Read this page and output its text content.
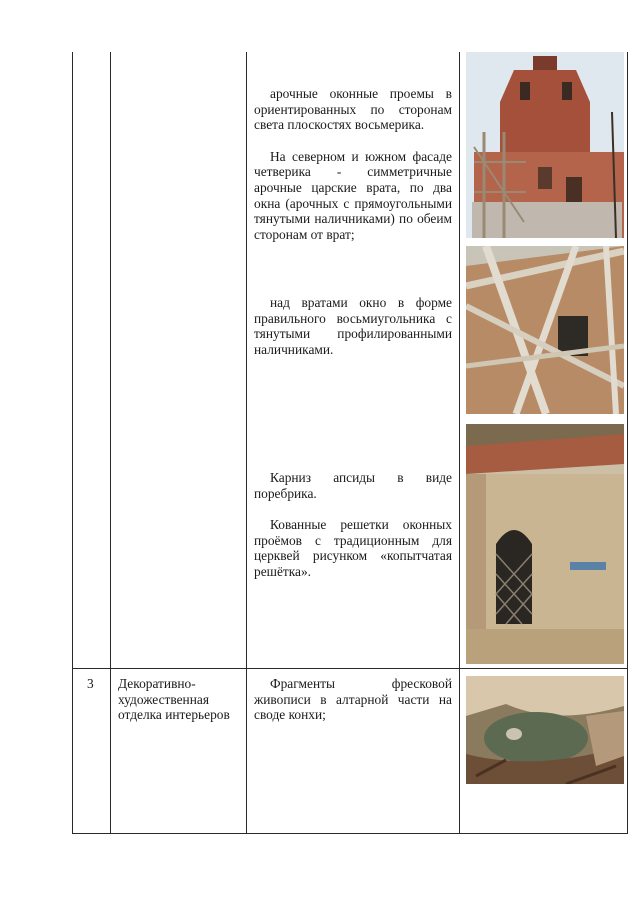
арочные оконные проемы в ориентированных по сторонам света плоскостях восьмерика.
На северном и южном фасаде четверика - симметричные арочные царские врата, по два окна (арочных с прямоугольными тянутыми наличниками) по обеим сторонам от врат;
над вратами окно в форме правильного восьмиугольника с тянутыми профилированными наличниками.
Карниз апсиды в виде поребрика.
Кованные решетки оконных проёмов с традиционным для церквей рисунком «копытчатая решётка».
3 Декоративно-художественная отделка интерьеров
Фрагменты фресковой живописи в алтарной части на своде конхи;
